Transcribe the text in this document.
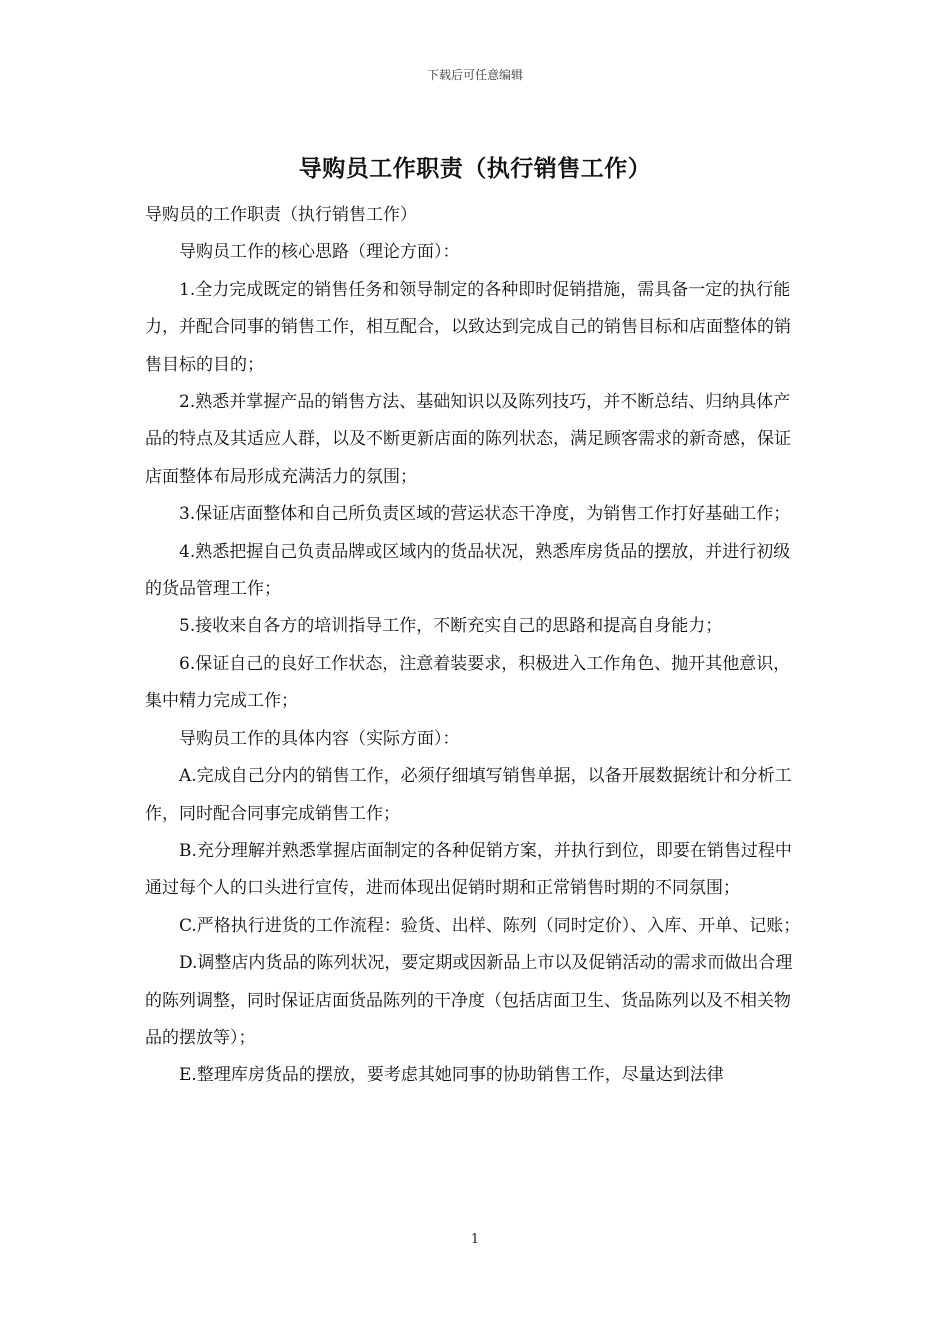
下载后可任意编辑
导购员工作职责（执行销售工作）

导购员的工作职责（执行销售工作）

导购员工作的核心思路（理论方面）：

1.全力完成既定的销售任务和领导制定的各种即时促销措施，需具备一定的执行能力，并配合同事的销售工作，相互配合，以致达到完成自己的销售目标和店面整体的销售目标的目的；

2.熟悉并掌握产品的销售方法、基础知识以及陈列技巧，并不断总结、归纳具体产品的特点及其适应人群，以及不断更新店面的陈列状态，满足顾客需求的新奇感，保证店面整体布局形成充满活力的氛围；

3.保证店面整体和自己所负责区域的营运状态干净度，为销售工作打好基础工作；

4.熟悉把握自己负责品牌或区域内的货品状况，熟悉库房货品的摆放，并进行初级的货品管理工作；

5.接收来自各方的培训指导工作，不断充实自己的思路和提高自身能力；

6.保证自己的良好工作状态，注意着装要求，积极进入工作角色、抛开其他意识，集中精力完成工作；

导购员工作的具体内容（实际方面）：

A.完成自己分内的销售工作，必须仔细填写销售单据，以备开展数据统计和分析工作，同时配合同事完成销售工作；

B.充分理解并熟悉掌握店面制定的各种促销方案，并执行到位，即要在销售过程中通过每个人的口头进行宣传，进而体现出促销时期和正常销售时期的不同氛围；

C.严格执行进货的工作流程：验货、出样、陈列（同时定价）、入库、开单、记账；

D.调整店内货品的陈列状况，要定期或因新品上市以及促销活动的需求而做出合理的陈列调整，同时保证店面货品陈列的干净度（包括店面卫生、货品陈列以及不相关物品的摆放等）；

E.整理库房货品的摆放，要考虑其她同事的协助销售工作，尽量达到法律

1
